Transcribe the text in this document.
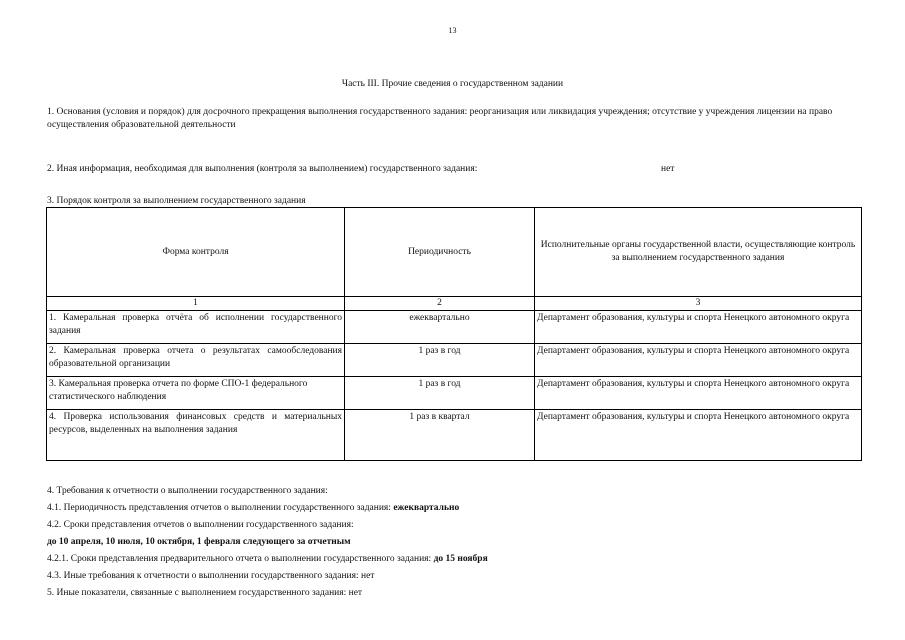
13
Часть III. Прочие сведения о государственном задании

1. Основания (условия и порядок) для досрочного прекращения выполнения государственного задания: реорганизация или ликвидация учреждения; отсутствие у учреждения лицензии на право осуществления образовательной деятельности

2. Иная информация, необходимая для выполнения (контроля за выполнением) государственного задания:	нет
3. Порядок контроля за выполнением государственного задания
Форма контроля	Периодичность	Исполнительные органы государственной власти, осуществляющие контроль за выполнением государственного задания
1	2	3
1. Камеральная проверка отчёта об исполнении государственного задания	ежеквартально	Департамент образования, культуры и спорта Ненецкого автономного округа
2. Камеральная проверка отчета о результатах самообследования образовательной организации	1 раз в год	Департамент образования, культуры и спорта Ненецкого автономного округа
3. Камеральная проверка отчета по форме СПО-1 федерального статистического наблюдения	1 раз в год	Департамент образования, культуры и спорта Ненецкого автономного округа
4. Проверка использования финансовых средств и материальных ресурсов, выделенных на выполнения задания	1 раз в квартал	Департамент образования, культуры и спорта Ненецкого автономного округа

4. Требования к отчетности о выполнении государственного задания:

4.1. Периодичность представления отчетов о выполнении государственного задания: ежеквартально

4.2. Сроки представления отчетов о выполнении государственного задания:

до 10 апреля, 10 июля, 10 октября, 1 февраля следующего за отчетным

4.2.1. Сроки представления предварительного отчета о выполнении государственного задания: до 15 ноября

4.3. Иные требования к отчетности о выполнении государственного задания: нет

5. Иные показатели, связанные с выполнением государственного задания: нет
